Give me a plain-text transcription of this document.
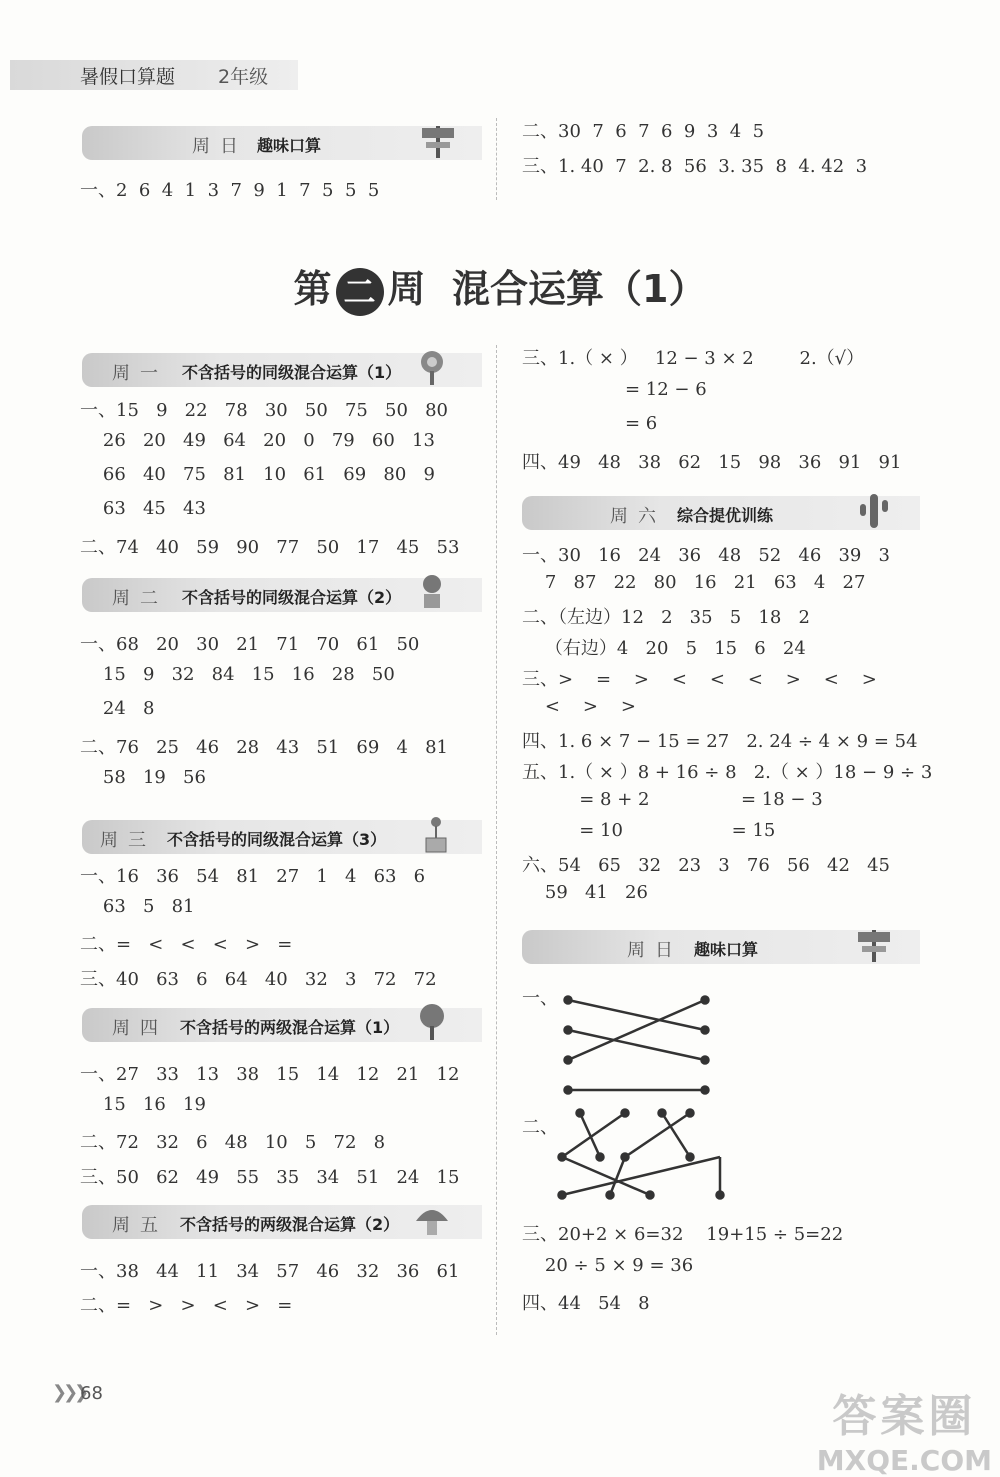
暑假口算题 2年级
周日 趣味口算
一、2  6  4  1  3  7  9  1  7  5  5  5
二、30  7  6  7  6  9  3  4  5
三、1. 40  7  2. 8  56  3. 35  8  4. 42  3
第 二 周 混合运算（1）
周一 不含括号的同级混合运算（1）
一、15   9   22   78   30   50   75   50   80
26   20   49   64   20   0   79   60   13
66   40   75   81   10   61   69   80   9
63   45   43
二、74   40   59   90   77   50   17   45   53
周二 不含括号的同级混合运算（2）
一、68   20   30   21   71   70   61   50
15   9   32   84   15   16   28   50
24   8
二、76   25   46   28   43   51   69   4   81
58   19   56
周三 不含括号的同级混合运算（3）
一、16   36   54   81   27   1   4   63   6
63   5   81
二、=   <   <   <   >   =
三、40   63   6   64   40   32   3   72   72
周四 不含括号的两级混合运算（1）
一、27   33   13   38   15   14   12   21   12
15   16   19
二、72   32   6   48   10   5   72   8
三、50   62   49   55   35   34   51   24   15
周五 不含括号的两级混合运算（2）
一、38   44   11   34   57   46   32   36   61
二、=   >   >   <   >   =
三、1.（ × ）   12 − 3 × 2        2.（√）
= 12 − 6
= 6
四、49   48   38   62   15   98   36   91   91
周六 综合提优训练
一、30   16   24   36   48   52   46   39   3
7   87   22   80   16   21   63   4   27
二、（左边）12   2   35   5   18   2
（右边）4   20   5   15   6   24
三、>    =    >    <    <    <    >    <    >
<    >    >
四、1. 6 × 7 − 15 = 27   2. 24 ÷ 4 × 9 = 54
五、1.（ × ）8 + 16 ÷ 8   2.（ × ）18 − 9 ÷ 3
= 8 + 2                = 18 − 3
= 10                   = 15
六、54   65   32   23   3   76   56   42   45
59   41   26
周日 趣味口算
一、
二、
三、20+2 × 6=32    19+15 ÷ 5=22
20 ÷ 5 × 9 = 36
四、44   54   8
❯❯❯
68	答案圈
MXQE.COM
